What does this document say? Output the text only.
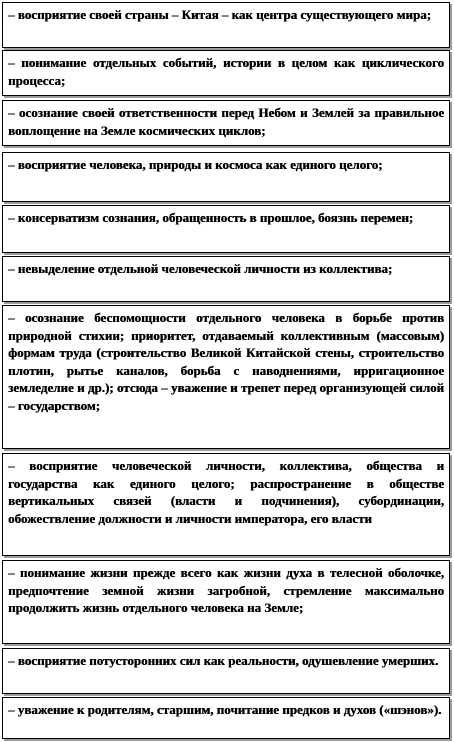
– восприятие своей страны – Китая – как центра существующего мира;
– понимание отдельных событий, истории в целом как циклического процесса;
– осознание своей ответственности перед Небом и Землей за правильное воплощение на Земле космических циклов;
– восприятие человека, природы и космоса как единого целого;
– консерватизм сознания, обращенность в прошлое, боязнь перемен;
– невыделение отдельной человеческой личности из коллектива;
– осознание беспомощности отдельного человека в борьбе против природной стихии; приоритет, отдаваемый коллективным (массовым) формам труда (строительство Великой Китайской стены, строительство плотин, рытье каналов, борьба с наводнениями, ирригационное земледелие и др.); отсюда – уважение и трепет перед организующей силой – государством;
– восприятие человеческой личности, коллектива, общества и государства как единого целого; распространение в обществе вертикальных связей (власти и подчинения), субординации, обожествление должности и личности императора, его власти
– понимание жизни прежде всего как жизни духа в телесной оболочке, предпочтение земной жизни загробной, стремление максимально продолжить жизнь отдельного человека на Земле;
– восприятие потусторонних сил как реальности, одушевление умерших.
– уважение к родителям, старшим, почитание предков и духов («шэнов»).
